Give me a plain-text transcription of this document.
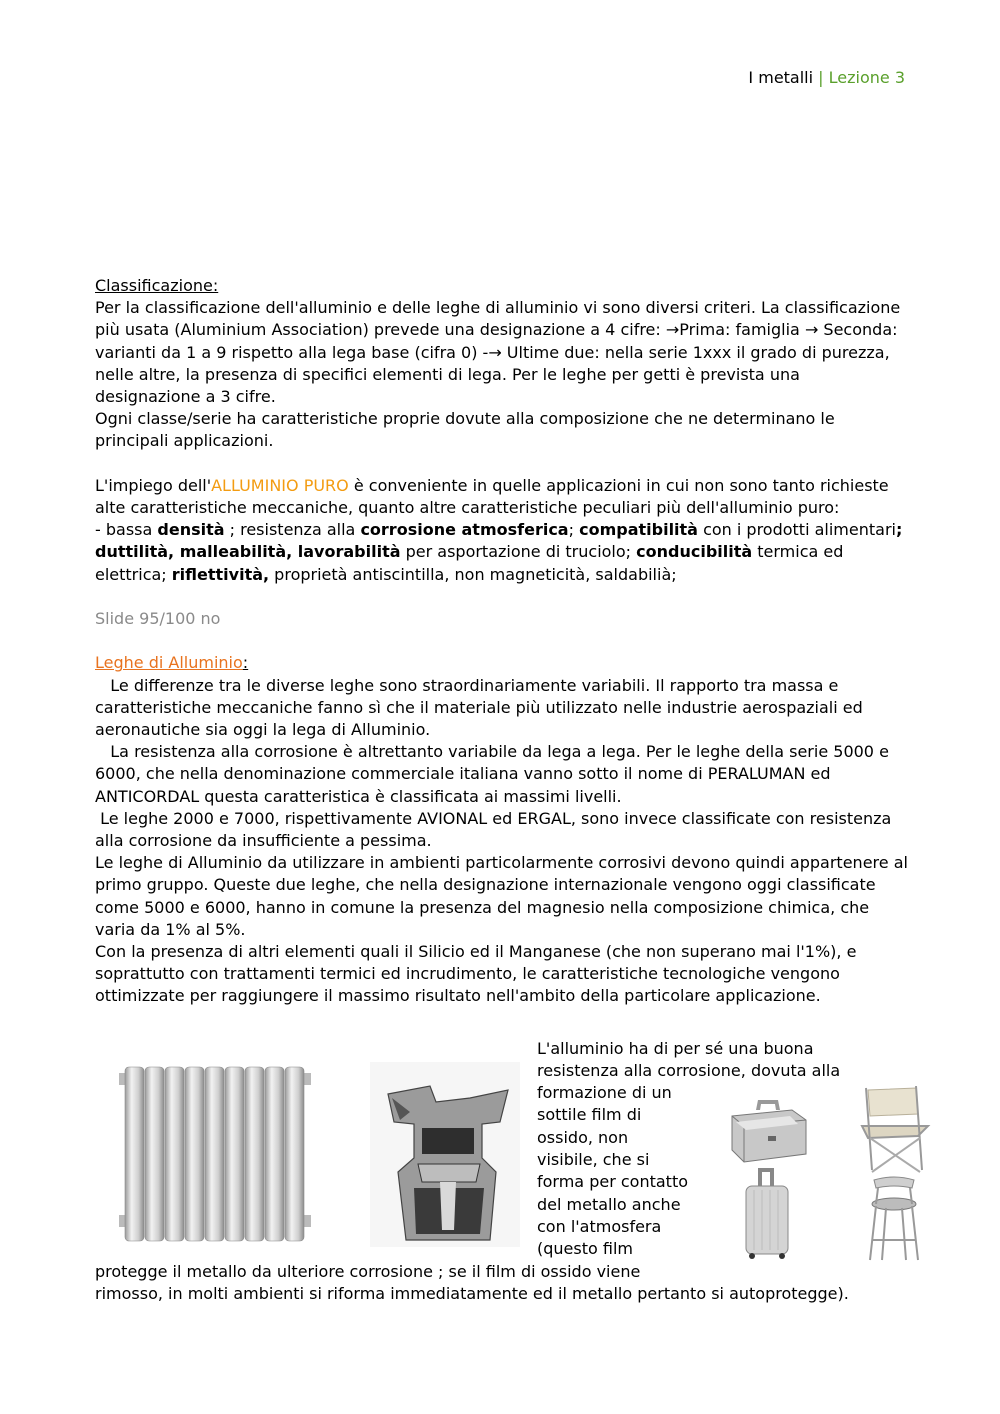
I metalli | Lezione 3

Classificazione:

Per la classificazione dell'alluminio e delle leghe di alluminio vi sono diversi criteri. La classificazione più usata (Aluminium Association) prevede una designazione a 4 cifre: →Prima: famiglia → Seconda: varianti da 1 a 9 rispetto alla lega base (cifra 0) -→ Ultime due: nella serie 1xxx il grado di purezza, nelle altre, la presenza di specifici elementi di lega. Per le leghe per getti è prevista una designazione a 3 cifre.

Ogni classe/serie ha caratteristiche proprie dovute alla composizione che ne determinano le principali applicazioni.

L'impiego dell'ALLUMINIO PURO è conveniente in quelle applicazioni in cui non sono tanto richieste alte caratteristiche meccaniche, quanto altre caratteristiche peculiari più dell'alluminio puro:

- bassa densità ; resistenza alla corrosione atmosferica; compatibilità con i prodotti alimentari; duttilità, malleabilità, lavorabilità per asportazione di truciolo; conducibilità termica ed elettrica; riflettività, proprietà antiscintilla, non magneticità, saldabilià;

Slide 95/100 no

Leghe di Alluminio:

Le differenze tra le diverse leghe sono straordinariamente variabili. Il rapporto tra massa e caratteristiche meccaniche fanno sì che il materiale più utilizzato nelle industrie aerospaziali ed aeronautiche sia oggi la lega di Alluminio.

La resistenza alla corrosione è altrettanto variabile da lega a lega. Per le leghe della serie 5000 e 6000, che nella denominazione commerciale italiana vanno sotto il nome di PERALUMAN ed ANTICORDAL questa caratteristica è classificata ai massimi livelli.

Le leghe 2000 e 7000, rispettivamente AVIONAL ed ERGAL, sono invece classificate con resistenza alla corrosione da insufficiente a pessima.

Le leghe di Alluminio da utilizzare in ambienti particolarmente corrosivi devono quindi appartenere al primo gruppo. Queste due leghe, che nella designazione internazionale vengono oggi classificate come 5000 e 6000, hanno in comune la presenza del magnesio nella composizione chimica, che varia da 1% al 5%.

Con la presenza di altri elementi quali il Silicio ed il Manganese (che non superano mai l'1%), e soprattutto con trattamenti termici ed incrudimento, le caratteristiche tecnologiche vengono ottimizzate per raggiungere il massimo risultato nell'ambito della particolare applicazione.

L'alluminio ha di per sé una buona
resistenza alla corrosione, dovuta alla
formazione di un
sottile film di
ossido, non
visibile, che si
forma per contatto
del metallo anche
con l'atmosfera
(questo film
protegge il metallo da ulteriore corrosione ; se il film di ossido viene
rimosso, in molti ambienti si riforma immediatamente ed il metallo pertanto si autoprotegge).
